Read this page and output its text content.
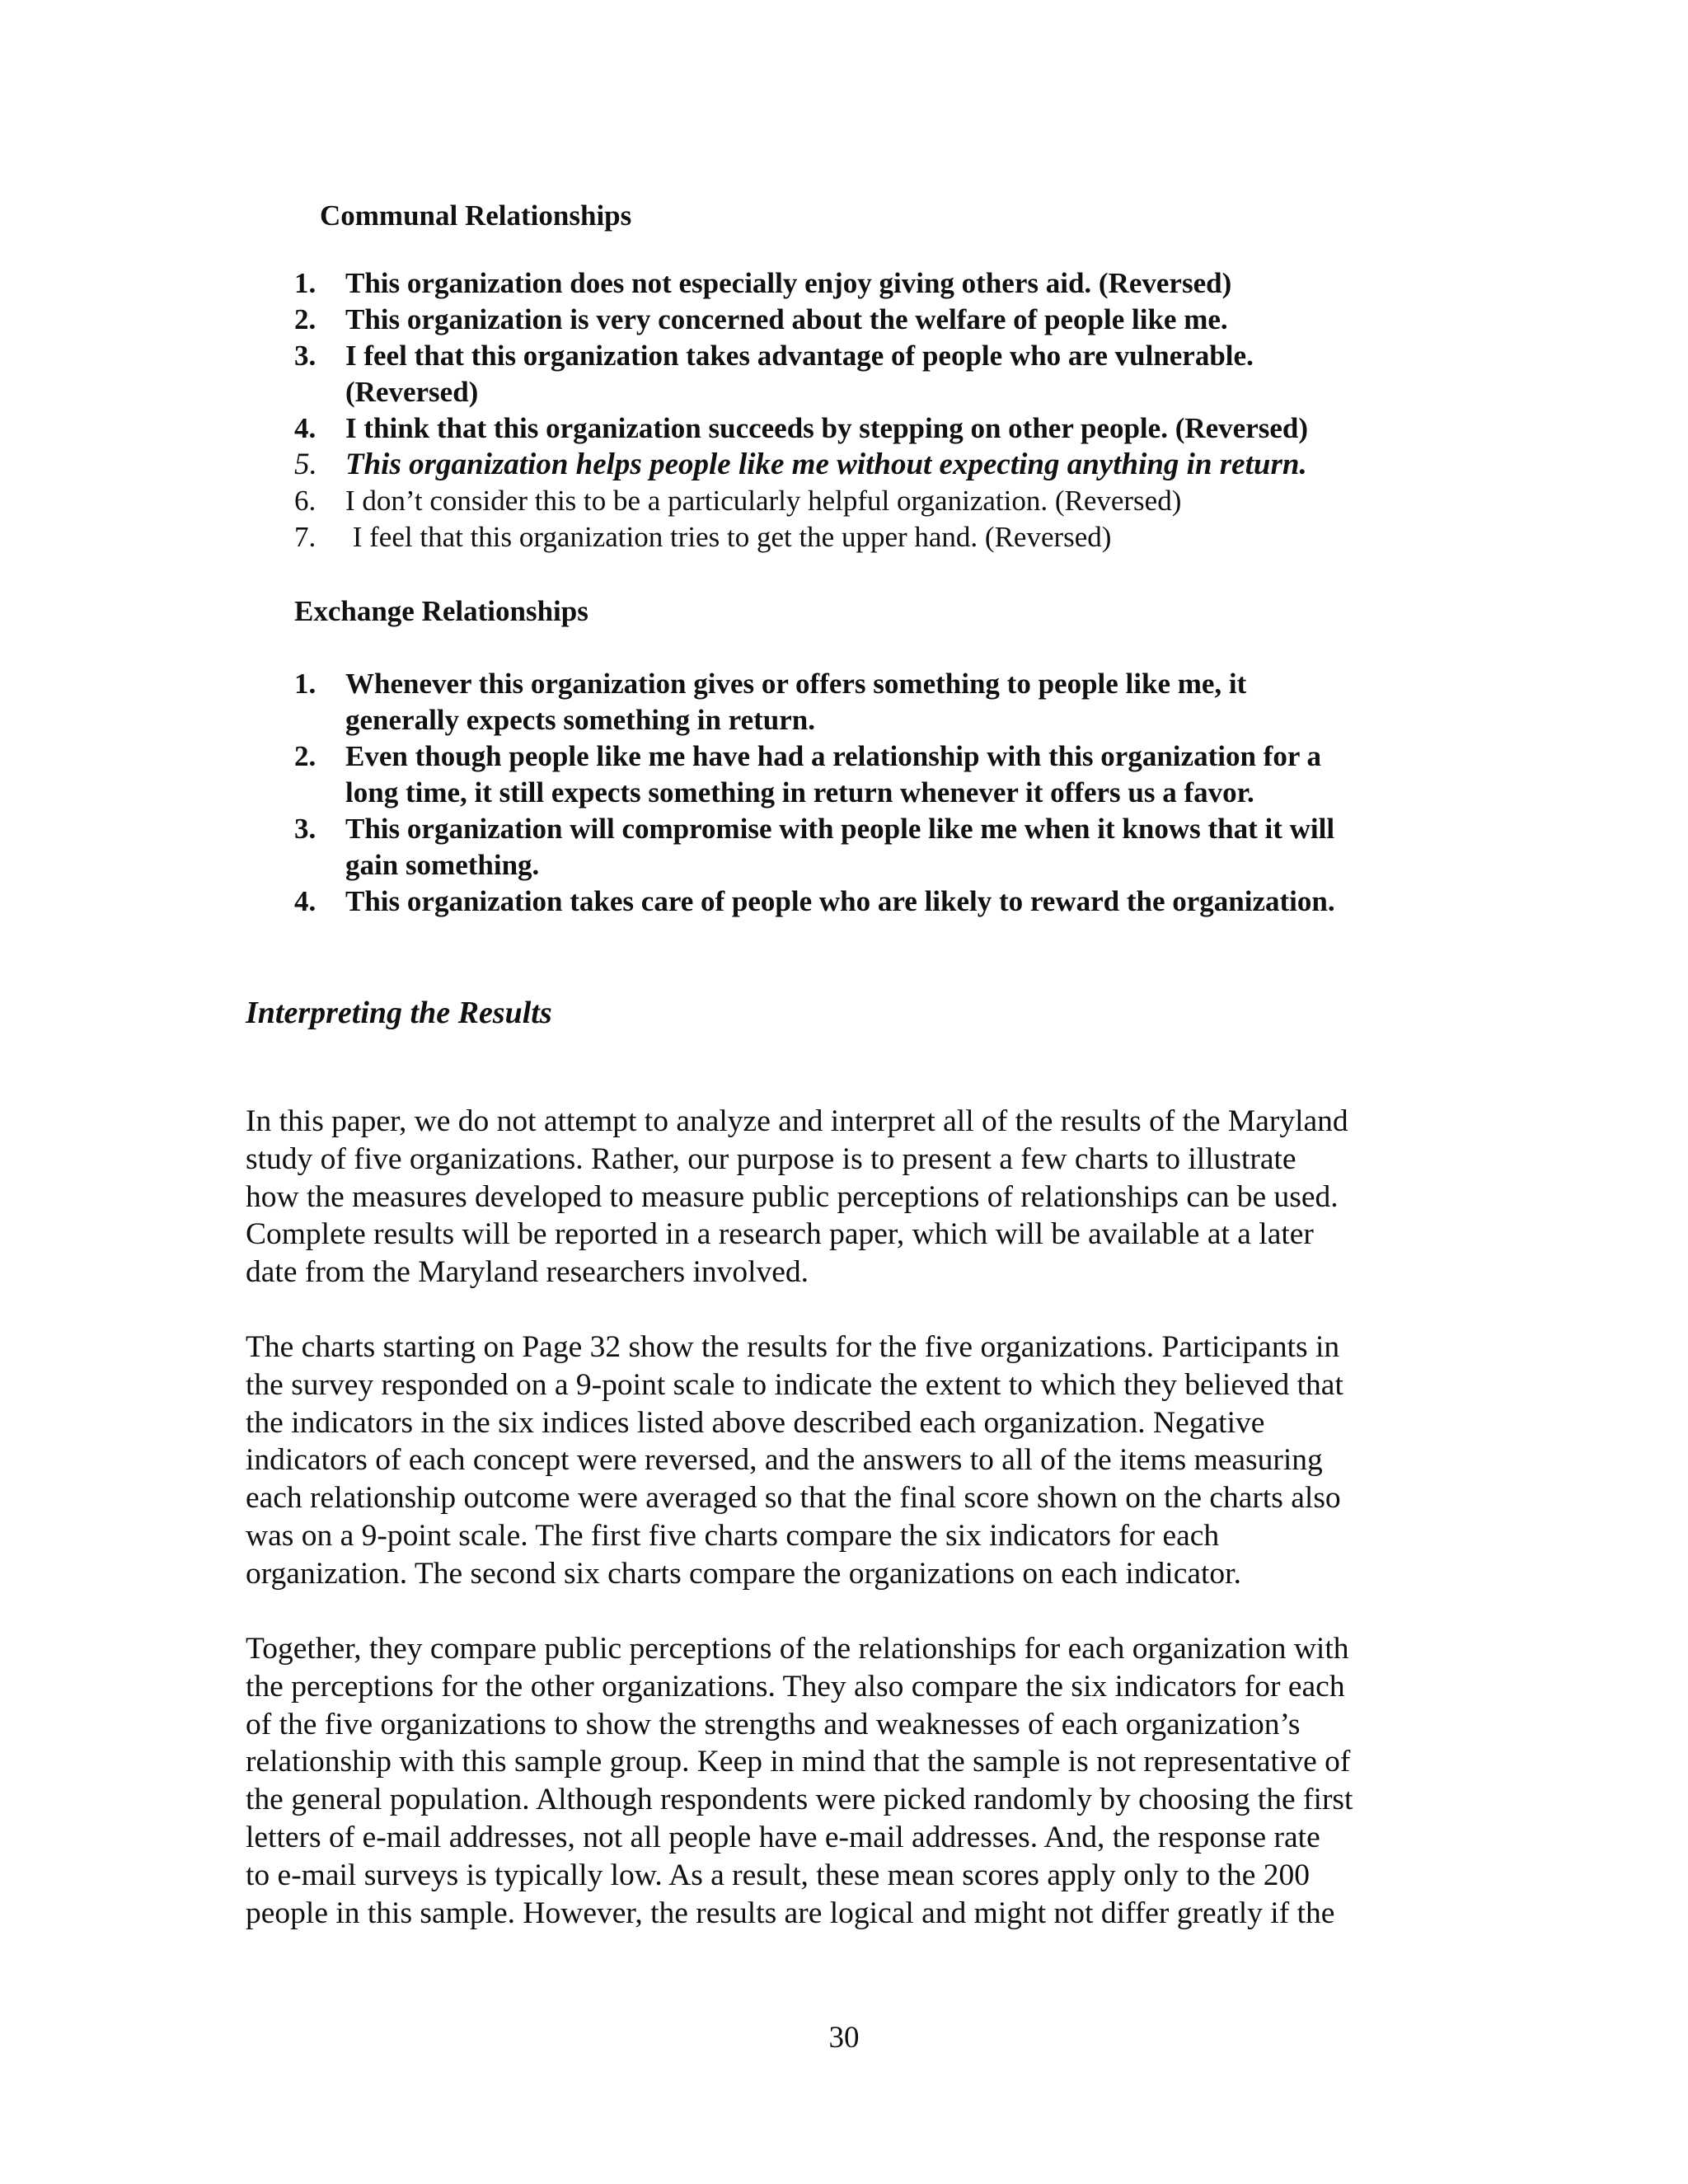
Communal Relationships
1. This organization does not especially enjoy giving others aid. (Reversed)
2. This organization is very concerned about the welfare of people like me.
3. I feel that this organization takes advantage of people who are vulnerable.
(Reversed)
4. I think that this organization succeeds by stepping on other people. (Reversed)
5. This organization helps people like me without expecting anything in return.
6. I don’t consider this to be a particularly helpful organization. (Reversed)
7. I feel that this organization tries to get the upper hand. (Reversed)
Exchange Relationships
1. Whenever this organization gives or offers something to people like me, it
generally expects something in return.
2. Even though people like me have had a relationship with this organization for a
long time, it still expects something in return whenever it offers us a favor.
3. This organization will compromise with people like me when it knows that it will
gain something.
4. This organization takes care of people who are likely to reward the organization.
Interpreting the Results
In this paper, we do not attempt to analyze and interpret all of the results of the Maryland
study of five organizations. Rather, our purpose is to present a few charts to illustrate
how the measures developed to measure public perceptions of relationships can be used.
Complete results will be reported in a research paper, which will be available at a later
date from the Maryland researchers involved.
The charts starting on Page 32 show the results for the five organizations. Participants in
the survey responded on a 9-point scale to indicate the extent to which they believed that
the indicators in the six indices listed above described each organization. Negative
indicators of each concept were reversed, and the answers to all of the items measuring
each relationship outcome were averaged so that the final score shown on the charts also
was on a 9-point scale. The first five charts compare the six indicators for each
organization. The second six charts compare the organizations on each indicator.
Together, they compare public perceptions of the relationships for each organization with
the perceptions for the other organizations. They also compare the six indicators for each
of the five organizations to show the strengths and weaknesses of each organization’s
relationship with this sample group. Keep in mind that the sample is not representative of
the general population. Although respondents were picked randomly by choosing the first
letters of e-mail addresses, not all people have e-mail addresses. And, the response rate
to e-mail surveys is typically low. As a result, these mean scores apply only to the 200
people in this sample. However, the results are logical and might not differ greatly if the
30
